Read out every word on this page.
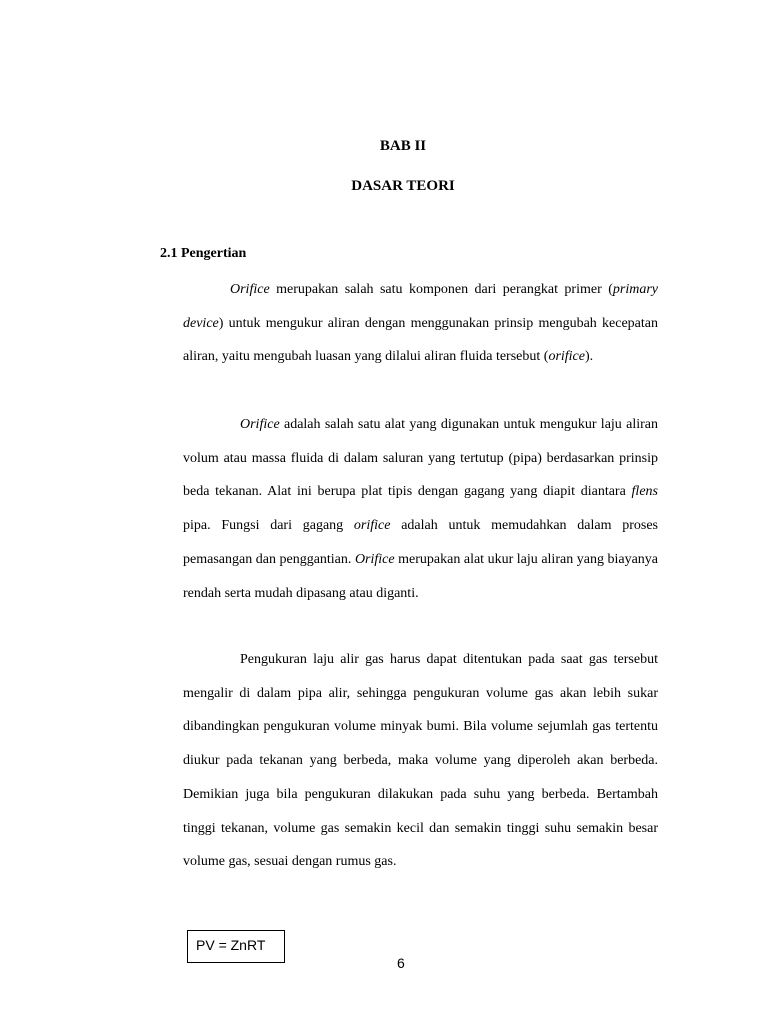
BAB II
DASAR TEORI
2.1 Pengertian

Orifice merupakan salah satu komponen dari perangkat primer (primary device) untuk mengukur aliran dengan menggunakan prinsip mengubah kecepatan aliran, yaitu mengubah luasan yang dilalui aliran fluida tersebut (orifice).

Orifice adalah salah satu alat yang digunakan untuk mengukur laju aliran volum atau massa fluida di dalam saluran yang tertutup (pipa) berdasarkan prinsip beda tekanan. Alat ini berupa plat tipis dengan gagang yang diapit diantara flens pipa. Fungsi dari gagang orifice adalah untuk memudahkan dalam proses pemasangan dan penggantian. Orifice merupakan alat ukur laju aliran yang biayanya rendah serta mudah dipasang atau diganti.

Pengukuran laju alir gas harus dapat ditentukan pada saat gas tersebut mengalir di dalam pipa alir, sehingga pengukuran volume gas akan lebih sukar dibandingkan pengukuran volume minyak bumi. Bila volume sejumlah gas tertentu diukur pada tekanan yang berbeda, maka volume yang diperoleh akan berbeda. Demikian juga bila pengukuran dilakukan pada suhu yang berbeda. Bertambah tinggi tekanan, volume gas semakin kecil dan semakin tinggi suhu semakin besar volume gas, sesuai dengan rumus gas.

PV = ZnRT
6
